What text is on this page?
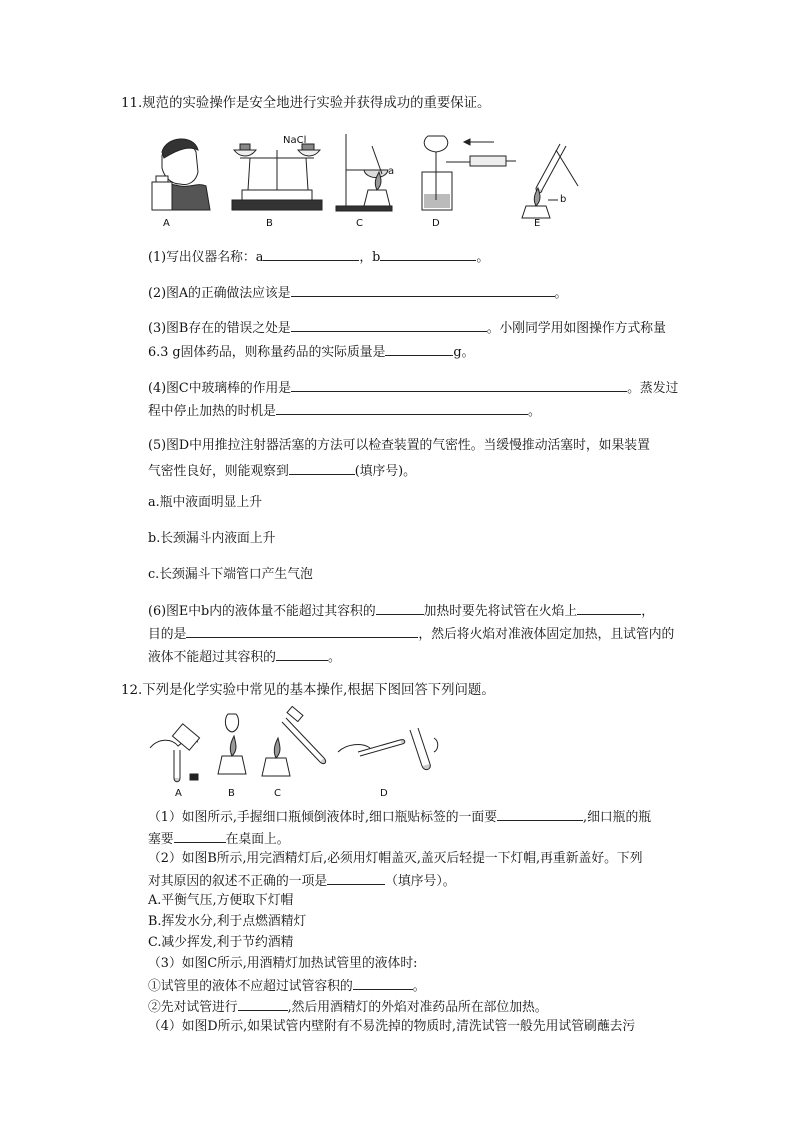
11.规范的实验操作是安全地进行实验并获得成功的重要保证。
NaCl
a
b
A	B	C	D	E
(1)写出仪器名称：a	，b	。
(2)图A的正确做法应该是	。
(3)图B存在的错误之处是	。小刚同学用如图操作方式称量
6.3 g固体药品，则称量药品的实际质量是	g。
(4)图C中玻璃棒的作用是	。蒸发过
程中停止加热的时机是	。
(5)图D中用推拉注射器活塞的方法可以检查装置的气密性。当缓慢推动活塞时，如果装置
气密性良好，则能观察到	(填序号)。
a.瓶中液面明显上升
b.长颈漏斗内液面上升
c.长颈漏斗下端管口产生气泡
(6)图E中b内的液体量不能超过其容积的	加热时要先将试管在火焰上	，
目的是	，然后将火焰对准液体固定加热，且试管内的
液体不能超过其容积的	。
12.下列是化学实验中常见的基本操作,根据下图回答下列问题。
A	B	C	D
（1）如图所示,手握细口瓶倾倒液体时,细口瓶贴标签的一面要	,细口瓶的瓶
塞要	在桌面上。
（2）如图B所示,用完酒精灯后,必须用灯帽盖灭,盖灭后轻提一下灯帽,再重新盖好。下列
对其原因的叙述不正确的一项是	（填序号）。
A.平衡气压,方便取下灯帽
B.挥发水分,利于点燃酒精灯
C.减少挥发,利于节约酒精
（3）如图C所示,用酒精灯加热试管里的液体时:
①试管里的液体不应超过试管容积的	。
②先对试管进行	,然后用酒精灯的外焰对准药品所在部位加热。
（4）如图D所示,如果试管内壁附有不易洗掉的物质时,清洗试管一般先用试管刷蘸去污
